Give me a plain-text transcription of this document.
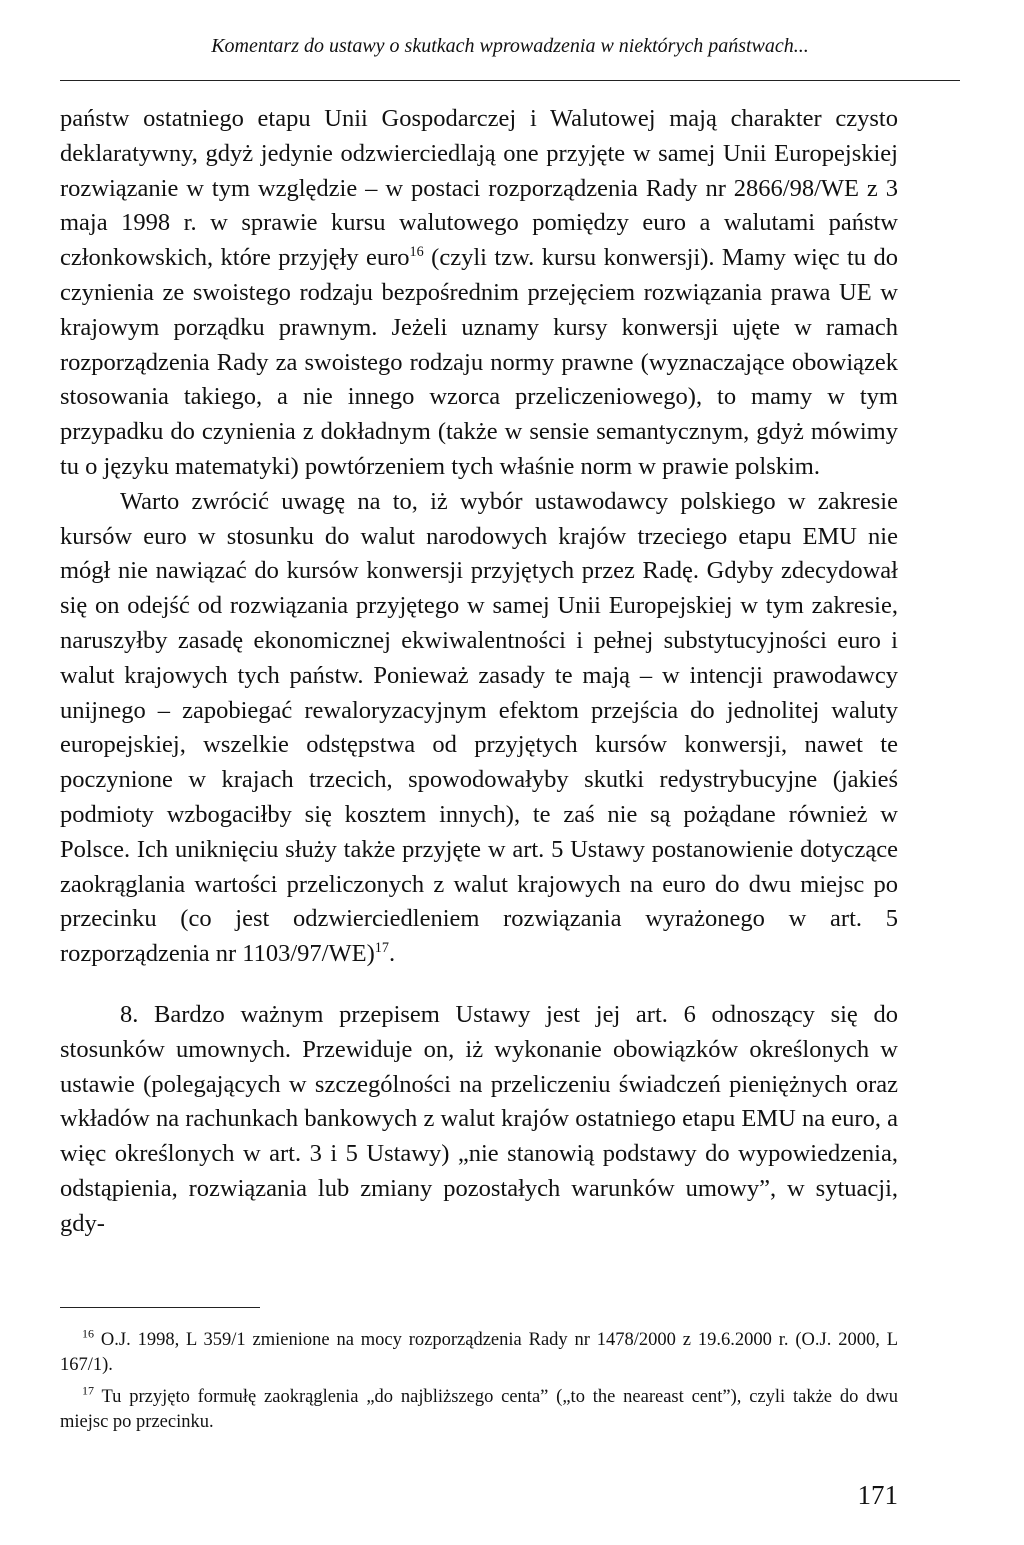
Komentarz do ustawy o skutkach wprowadzenia w niektórych państwach...

państw ostatniego etapu Unii Gospodarczej i Walutowej mają charakter czysto deklaratywny, gdyż jedynie odzwierciedlają one przyjęte w samej Unii Europejskiej rozwiązanie w tym względzie – w postaci rozporządzenia Rady nr 2866/98/WE z 3 maja 1998 r. w sprawie kursu walutowego pomiędzy euro a walutami państw członkowskich, które przyjęły euro$^{16}$ (czyli tzw. kursu konwersji). Mamy więc tu do czynienia ze swoistego rodzaju bezpośrednim przejęciem rozwiązania prawa UE w krajowym porządku prawnym. Jeżeli uznamy kursy konwersji ujęte w ramach rozporządzenia Rady za swoistego rodzaju normy prawne (wyznaczające obowiązek stosowania takiego, a nie innego wzorca przeliczeniowego), to mamy w tym przypadku do czynienia z dokładnym (także w sensie semantycznym, gdyż mówimy tu o języku matematyki) powtórzeniem tych właśnie norm w prawie polskim.

Warto zwrócić uwagę na to, iż wybór ustawodawcy polskiego w zakresie kursów euro w stosunku do walut narodowych krajów trzeciego etapu EMU nie mógł nie nawiązać do kursów konwersji przyjętych przez Radę. Gdyby zdecydował się on odejść od rozwiązania przyjętego w samej Unii Europejskiej w tym zakresie, naruszyłby zasadę ekonomicznej ekwiwalentności i pełnej substytucyjności euro i walut krajowych tych państw. Ponieważ zasady te mają – w intencji prawodawcy unijnego – zapobiegać rewaloryzacyjnym efektom przejścia do jednolitej waluty europejskiej, wszelkie odstępstwa od przyjętych kursów konwersji, nawet te poczynione w krajach trzecich, spowodowałyby skutki redystrybucyjne (jakieś podmioty wzbogaciłby się kosztem innych), te zaś nie są pożądane również w Polsce. Ich uniknięciu służy także przyjęte w art. 5 Ustawy postanowienie dotyczące zaokrąglania wartości przeliczonych z walut krajowych na euro do dwu miejsc po przecinku (co jest odzwierciedleniem rozwiązania wyrażonego w art. 5 rozporządzenia nr 1103/97/WE)$^{17}$.

8. Bardzo ważnym przepisem Ustawy jest jej art. 6 odnoszący się do stosunków umownych. Przewiduje on, iż wykonanie obowiązków określonych w ustawie (polegających w szczególności na przeliczeniu świadczeń pieniężnych oraz wkładów na rachunkach bankowych z walut krajów ostatniego etapu EMU na euro, a więc określonych w art. 3 i 5 Ustawy) „nie stanowią podstawy do wypowiedzenia, odstąpienia, rozwiązania lub zmiany pozostałych warunków umowy”, w sytuacji, gdy-

$^{16}$ O.J. 1998, L 359/1 zmienione na mocy rozporządzenia Rady nr 1478/2000 z 19.6.2000 r. (O.J. 2000, L 167/1).

$^{17}$ Tu przyjęto formułę zaokrąglenia „do najbliższego centa” („to the neareast cent”), czyli także do dwu miejsc po przecinku.

171
